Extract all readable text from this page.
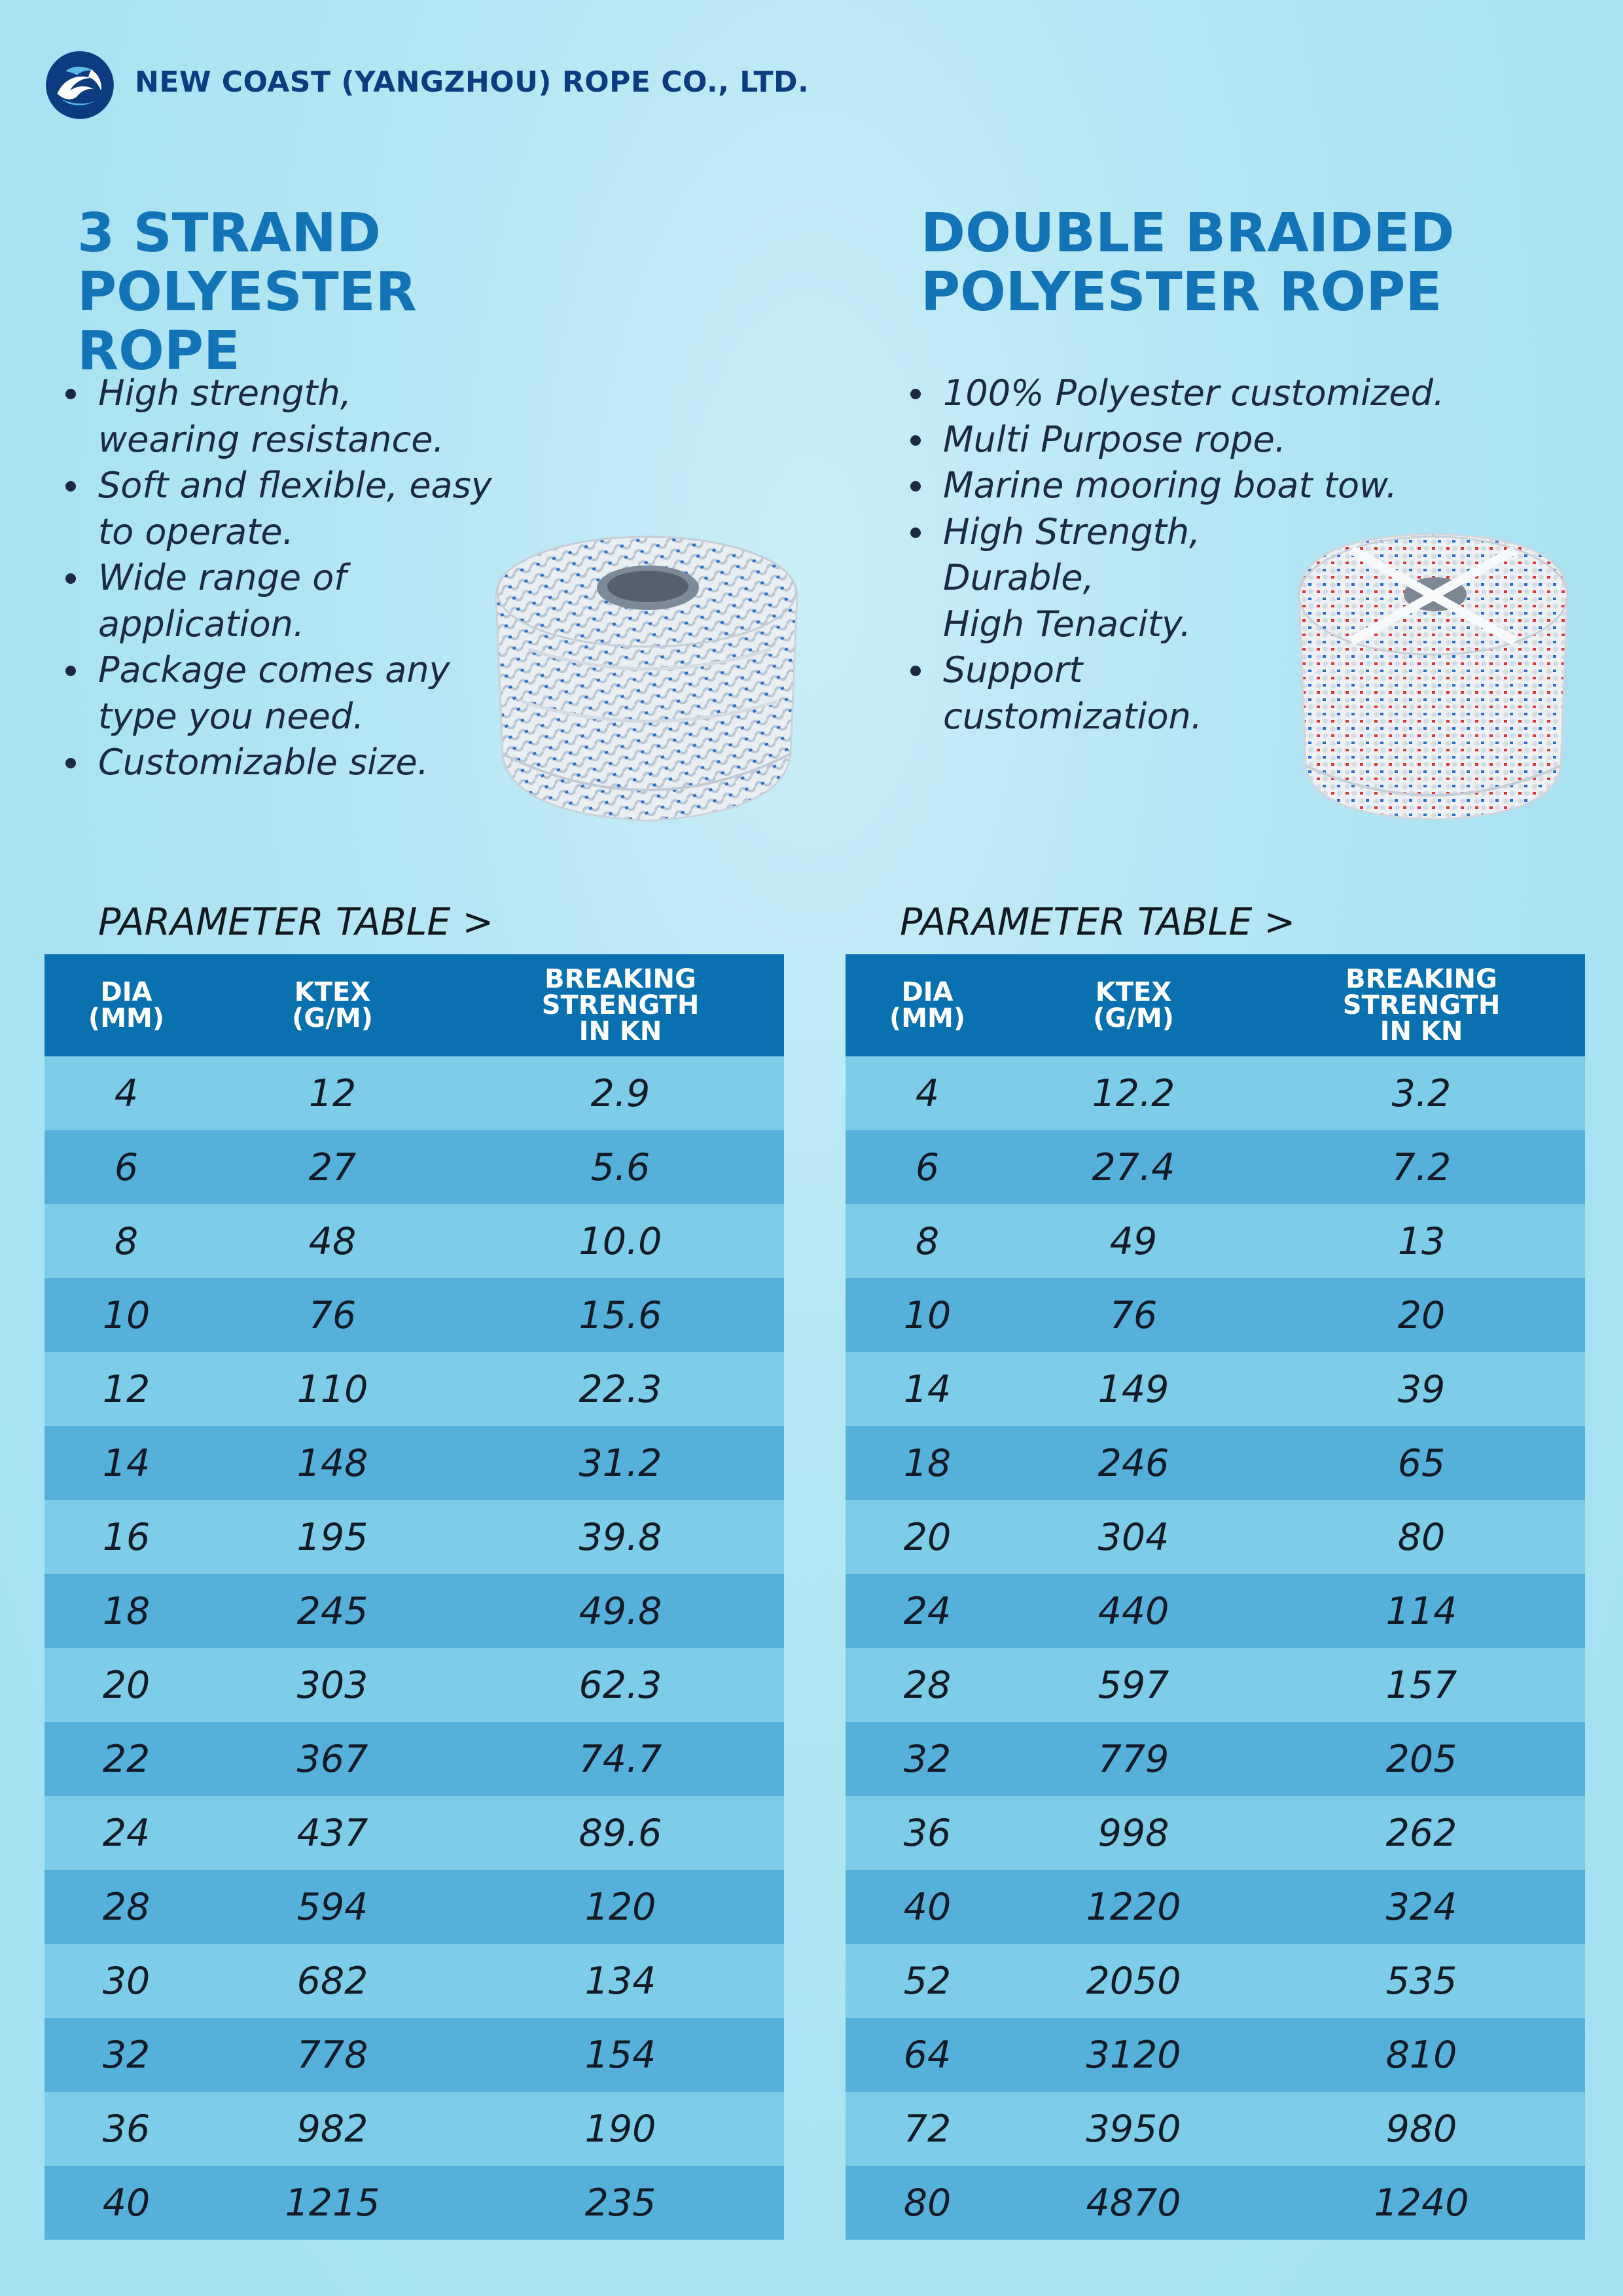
NEW COAST (YANGZHOU) ROPE CO., LTD.
3 STRAND POLYESTER
ROPE
DOUBLE BRAIDED
POLYESTER ROPE
High strength,
wearing resistance.
Soft and flexible, easy
to operate.
Wide range of
application.
Package comes any
type you need.
Customizable size.
100% Polyester customized.
Multi Purpose rope.
Marine mooring boat tow.
High Strength,
Durable,
High Tenacity.
Support
customization.
PARAMETER TABLE >	PARAMETER TABLE >
DIA
(MM)
KTEX
(G/M)
BREAKING
STRENGTH
IN KN
4	12	2.9
6	27	5.6
8	48	10.0
10	76	15.6
12	110	22.3
14	148	31.2
16	195	39.8
18	245	49.8
20	303	62.3
22	367	74.7
24	437	89.6
28	594	120
30	682	134
32	778	154
36	982	190
40	1215	235
DIA
(MM)
KTEX
(G/M)
BREAKING
STRENGTH
IN KN
4	12.2	3.2
6	27.4	7.2
8	49	13
10	76	20
14	149	39
18	246	65
20	304	80
24	440	114
28	597	157
32	779	205
36	998	262
40	1220	324
52	2050	535
64	3120	810
72	3950	980
80	4870	1240
